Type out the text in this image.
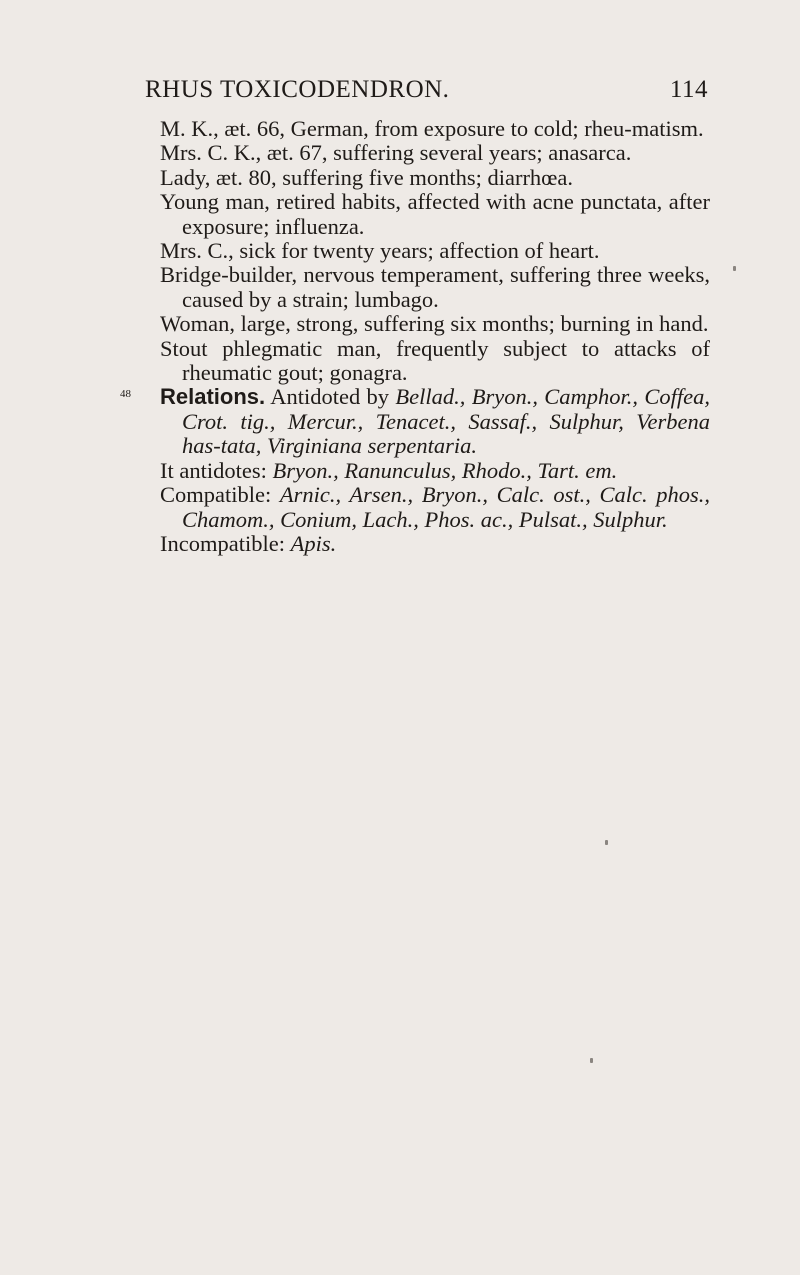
RHUS TOXICODENDRON.	114

M. K., æt. 66, German, from exposure to cold; rheu-matism.

Mrs. C. K., æt. 67, suffering several years; anasarca.

Lady, æt. 80, suffering five months; diarrhœa.

Young man, retired habits, affected with acne punctata, after exposure; influenza.

Mrs. C., sick for twenty years; affection of heart.

Bridge-builder, nervous temperament, suffering three weeks, caused by a strain; lumbago.

Woman, large, strong, suffering six months; burning in hand.

Stout phlegmatic man, frequently subject to attacks of rheumatic gout; gonagra.

48	Relations. Antidoted by Bellad., Bryon., Camphor., Coffea, Crot. tig., Mercur., Tenacet., Sassaf., Sulphur, Verbena has-tata, Virginiana serpentaria.

It antidotes: Bryon., Ranunculus, Rhodo., Tart. em.

Compatible: Arnic., Arsen., Bryon., Calc. ost., Calc. phos., Chamom., Conium, Lach., Phos. ac., Pulsat., Sulphur.

Incompatible: Apis.
